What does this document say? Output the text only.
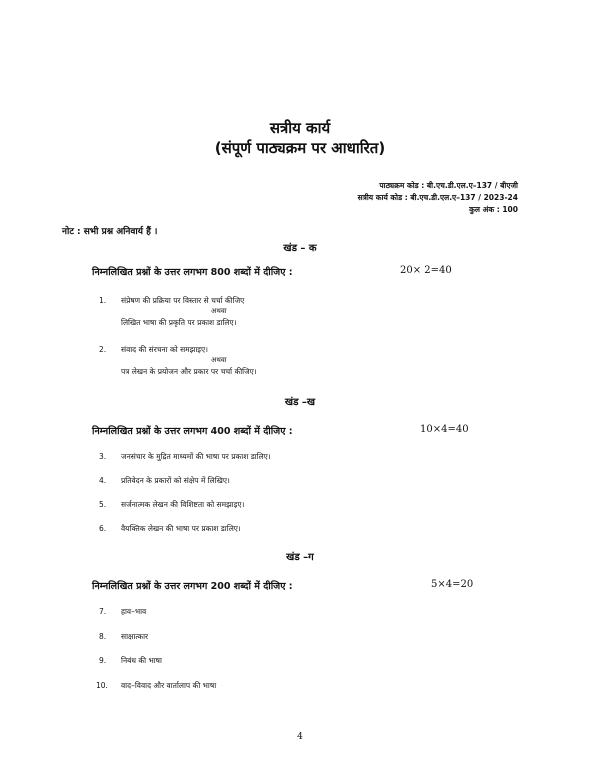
सत्रीय कार्य
(संपूर्ण पाठ्यक्रम पर आधारित)
पाठ्यक्रम कोड : बी.एच.डी.एल.ए–137 / बीएजी
सत्रीय कार्य कोड : बी.एच.डी.एल.ए–137 / 2023-24
कुल अंक : 100
नोट : सभी प्रश्न अनिवार्य हैं ।
खंड – क
निम्नलिखित प्रश्नों के उत्तर लगभग 800 शब्दों में दीजिए :	20× 2=40
1. संप्रेषण की प्रक्रिया पर विस्तार से चर्चा कीजिए
अथवा
लिखित भाषा की प्रकृति पर प्रकाश डालिए।
2. संवाद की संरचना को समझाइए।
अथवा
पत्र लेखन के प्रयोजन और प्रकार पर चर्चा कीजिए।
खंड –ख
निम्नलिखित प्रश्नों के उत्तर लगभग 400 शब्दों में दीजिए :	10×4=40
3. जनसंचार के मुद्रित माध्यमों की भाषा पर प्रकाश डालिए।
4. प्रतिवेदन के प्रकारों को संक्षेप में लिखिए।
5. सर्जनात्मक लेखन की विशिष्टता को समझाइए।
6. वैयक्तिक लेखन की भाषा पर प्रकाश डालिए।
खंड –ग
निम्नलिखित प्रश्नों के उत्तर लगभग 200 शब्दों में दीजिए :	5×4=20
7. हाव–भाव
8. साक्षात्कार
9. निबंध की भाषा
10. वाद–विवाद और वार्तालाप की भाषा
4
